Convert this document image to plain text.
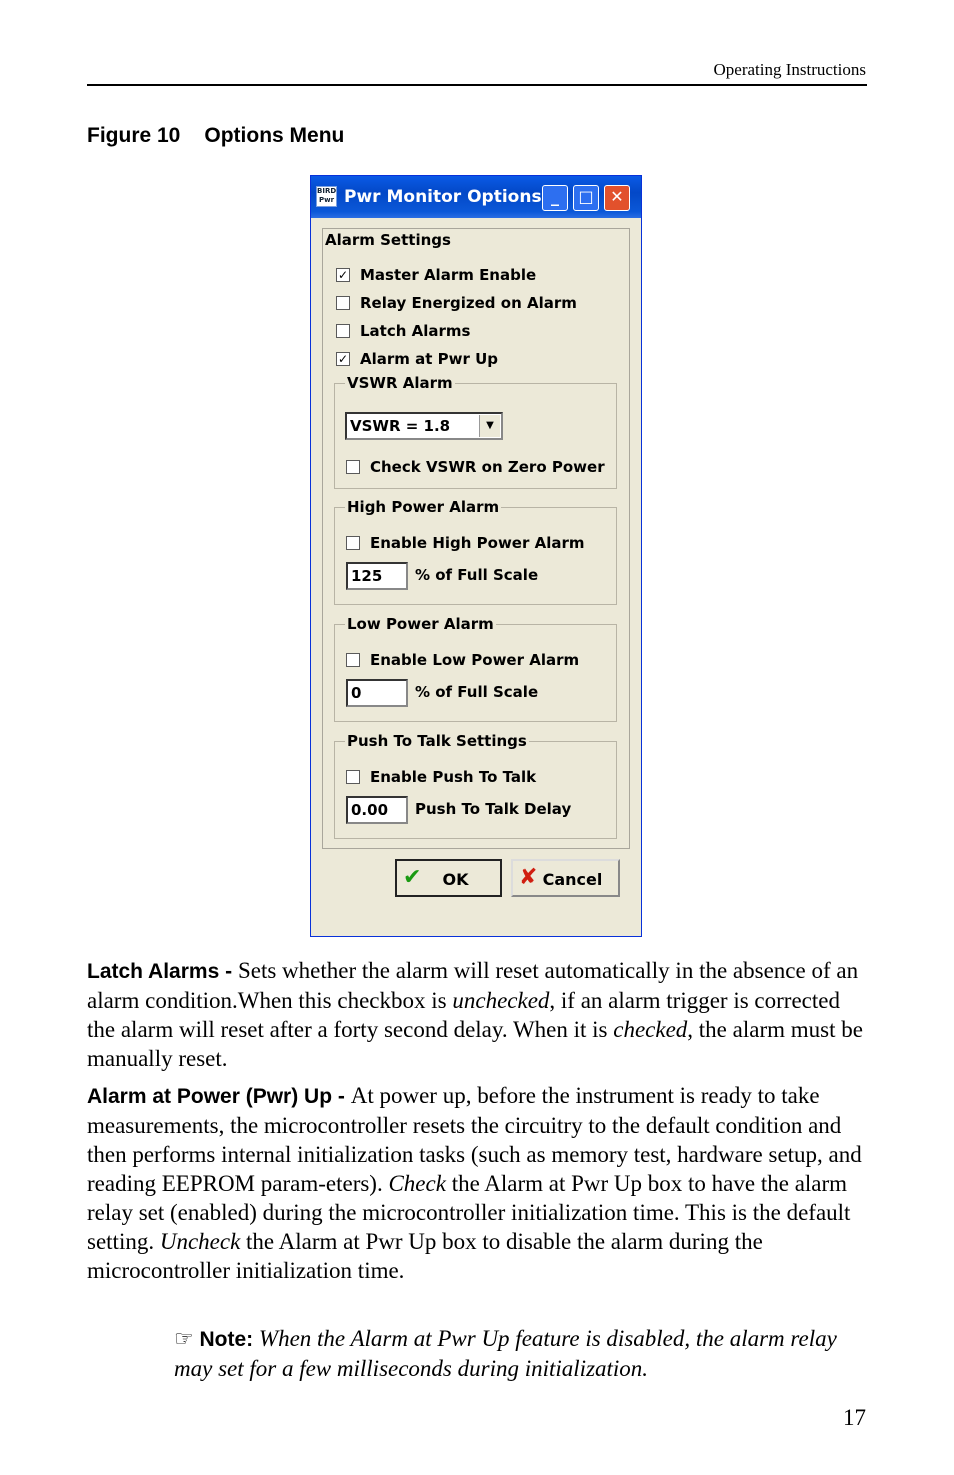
Operating Instructions
Figure 10 Options Menu
BIRD Pwr Pwr Monitor Options _	□	✕
Alarm Settings
✓ Master Alarm Enable
Relay Energized on Alarm
Latch Alarms
✓ Alarm at Pwr Up
VSWR Alarm
VSWR = 1.8	▼
Check VSWR on Zero Power
High Power Alarm
Enable High Power Alarm
125	% of Full Scale
Low Power Alarm
Enable Low Power Alarm
0	% of Full Scale
Push To Talk Settings
Enable Push To Talk
0.00	Push To Talk Delay
✔	OK	✘ Cancel
Latch Alarms - Sets whether the alarm will reset automatically in the absence of an alarm condition.When this checkbox is unchecked, if an alarm trigger is corrected the alarm will reset after a forty second delay. When it is checked, the alarm must be manually reset.
Alarm at Power (Pwr) Up - At power up, before the instrument is ready to take measurements, the microcontroller resets the circuitry to the default condition and then performs internal initialization tasks (such as memory test, hardware setup, and reading EEPROM param-eters). Check the Alarm at Pwr Up box to have the alarm relay set (enabled) during the microcontroller initialization time. This is the default setting. Uncheck the Alarm at Pwr Up box to disable the alarm during the microcontroller initialization time.
☞ Note: When the Alarm at Pwr Up feature is disabled, the alarm relay may set for a few milliseconds during initialization.
17
